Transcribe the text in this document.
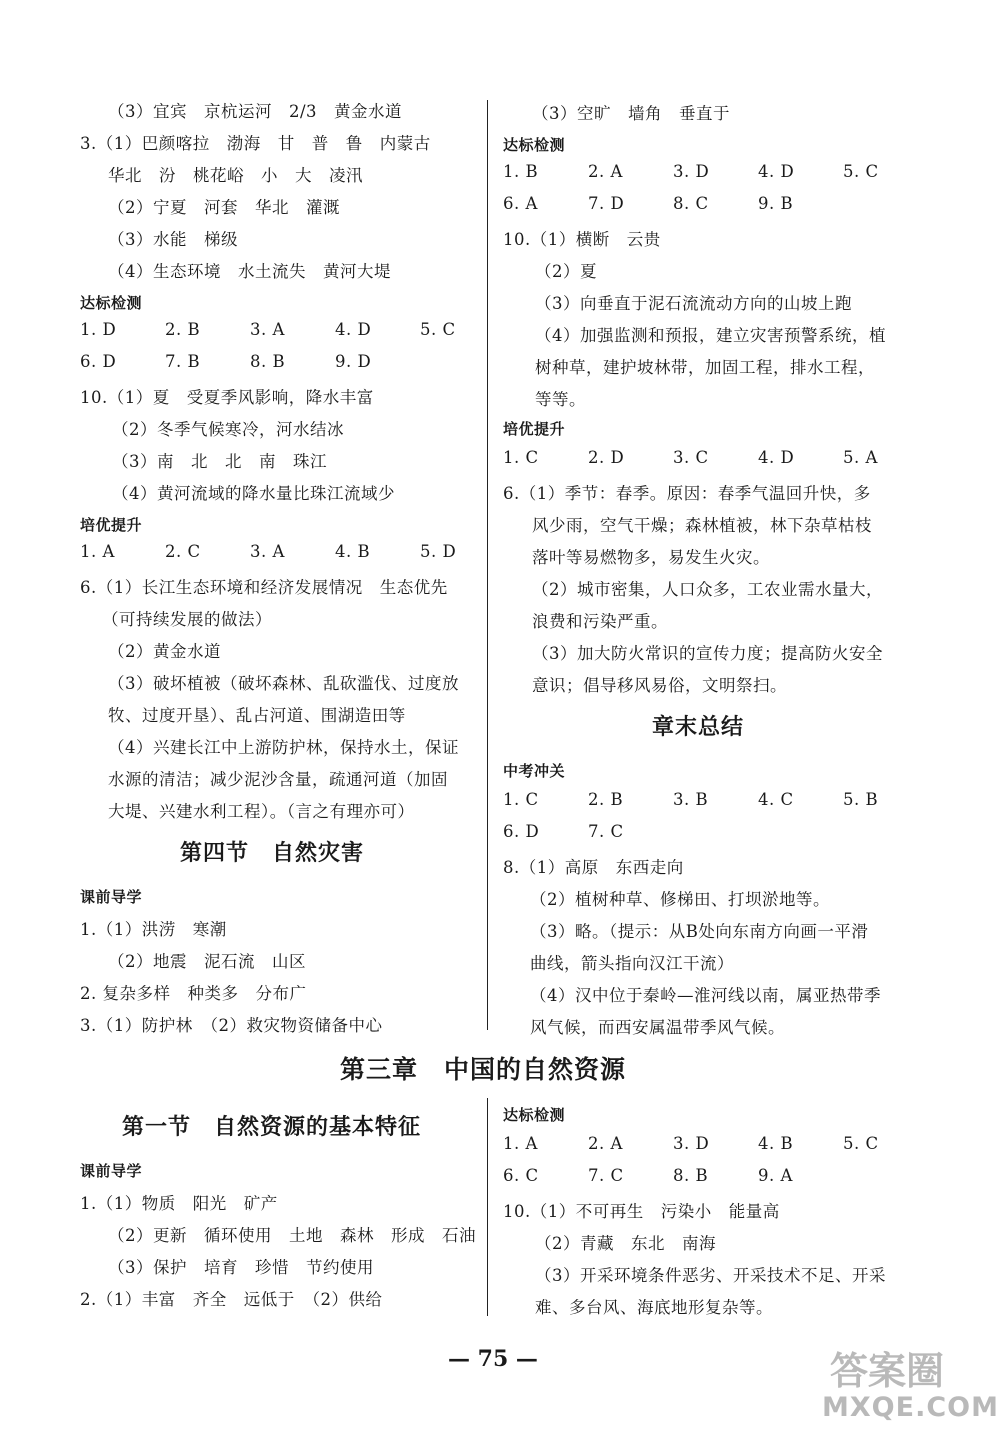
（3）宜宾　京杭运河　2/3　黄金水道
3.（1）巴颜喀拉　渤海　甘　普　鲁　内蒙古
华北　汾　桃花峪　小　大　凌汛
（2）宁夏　河套　华北　灌溉
（3）水能　梯级
（4）生态环境　水土流失　黄河大堤
达标检测
1. D	2. B	3. A	4. D	5. C
6. D	7. B	8. B	9. D
10.（1）夏　受夏季风影响，降水丰富
（2）冬季气候寒冷，河水结冰
（3）南　北　北　南　珠江
（4）黄河流域的降水量比珠江流域少
培优提升
1. A	2. C	3. A	4. B	5. D
6.（1）长江生态环境和经济发展情况　生态优先
（可持续发展的做法）
（2）黄金水道
（3）破坏植被（破坏森林、乱砍滥伐、过度放
牧、过度开垦）、乱占河道、围湖造田等
（4）兴建长江中上游防护林，保持水土，保证
水源的清洁；减少泥沙含量，疏通河道（加固
大堤、兴建水利工程）。（言之有理亦可）
第四节　自然灾害
课前导学
1.（1）洪涝　寒潮
（2）地震　泥石流　山区
2. 复杂多样　种类多　分布广
3.（1）防护林　（2）救灾物资储备中心
（3）空旷　墙角　垂直于
达标检测
1. B	2. A	3. D	4. D	5. C
6. A	7. D	8. C	9. B
10.（1）横断　云贵
（2）夏
（3）向垂直于泥石流流动方向的山坡上跑
（4）加强监测和预报，建立灾害预警系统，植
树种草，建护坡林带，加固工程，排水工程，
等等。
培优提升
1. C	2. D	3. C	4. D	5. A
6.（1）季节：春季。原因：春季气温回升快，多
风少雨，空气干燥；森林植被，林下杂草枯枝
落叶等易燃物多，易发生火灾。
（2）城市密集，人口众多，工农业需水量大，
浪费和污染严重。
（3）加大防火常识的宣传力度；提高防火安全
意识；倡导移风易俗，文明祭扫。
章末总结
中考冲关
1. C	2. B	3. B	4. C	5. B
6. D	7. C
8.（1）高原　东西走向
（2）植树种草、修梯田、打坝淤地等。
（3）略。（提示：从B处向东南方向画一平滑
曲线，箭头指向汉江干流）
（4）汉中位于秦岭—淮河线以南，属亚热带季
风气候，而西安属温带季风气候。
第三章　中国的自然资源
第一节　自然资源的基本特征
课前导学
1.（1）物质　阳光　矿产
（2）更新　循环使用　土地　森林　形成　石油
（3）保护　培育　珍惜　节约使用
2.（1）丰富　齐全　远低于　（2）供给
达标检测
1. A	2. A	3. D	4. B	5. C
6. C	7. C	8. B	9. A
10.（1）不可再生　污染小　能量高
（2）青藏　东北　南海
（3）开采环境条件恶劣、开采技术不足、开采
难、多台风、海底地形复杂等。
— 75 —	答案圈
MXQE.COM
